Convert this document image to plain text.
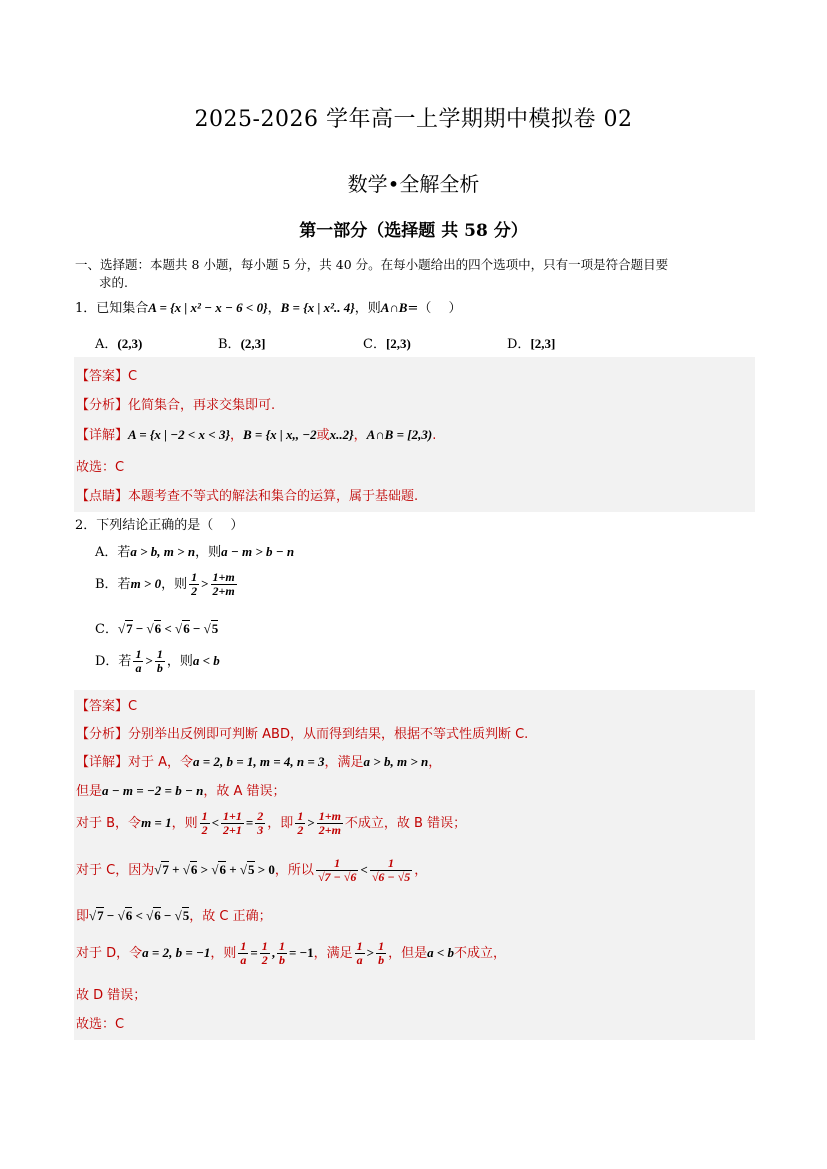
2025-2026 学年高一上学期期中模拟卷 02
数学•全解全析
第一部分（选择题 共 58 分）
一、选择题：本题共 8 小题，每小题 5 分，共 40 分。在每小题给出的四个选项中，只有一项是符合题目要
求的.
1．已知集合A = {x | x² − x − 6 < 0}，B = {x | x².. 4}，则A∩B=（　 ）
A．(2,3)	B．(2,3]	C．[2,3)	D．[2,3]
【答案】C
【分析】化简集合，再求交集即可.
【详解】A = {x | −2 < x < 3}，B = {x | x,, −2或x..2}，A∩B = [2,3).
故选：C
【点睛】本题考查不等式的解法和集合的运算，属于基础题.
2．下列结论正确的是（　 ）
A．若a > b, m > n，则a − m > b − n
B．若m > 0，则 $\frac{1}{2} > \frac{1+m}{2+m}$
C．√7 − √6 < √6 − √5
D．若 $\frac{1}{a} > \frac{1}{b}$ ，则a < b
【答案】C
【分析】分别举出反例即可判断 ABD，从而得到结果，根据不等式性质判断 C.
【详解】对于 A，令a = 2, b = 1, m = 4, n = 3，满足a > b, m > n，
但是a − m = −2 = b − n，故 A 错误；
对于 B，令m = 1，则 $\frac{1}{2} < \frac{1+1}{2+1} = \frac{2}{3}$ ，即 $\frac{1}{2} > \frac{1+m}{2+m}$ 不成立，故 B 错误；
对于 C，因为√7 + √6 > √6 + √5 > 0，所以 $\frac{1}{√7 - √6} < \frac{1}{√6 - √5}$ ，
即√7 − √6 < √6 − √5，故 C 正确；
对于 D，令a = 2, b = −1，则 $\frac{1}{a} = \frac{1}{2}$ , $\frac{1}{b} = -1$，满足 $\frac{1}{a} > \frac{1}{b}$ ，但是a < b不成立，
故 D 错误；
故选：C
